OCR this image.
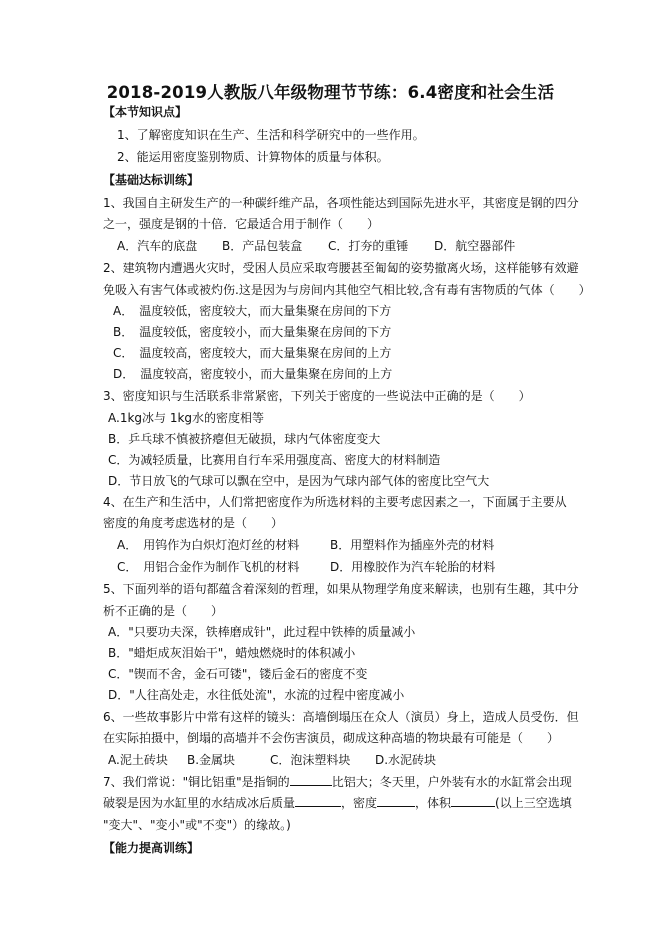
2018-2019人教版八年级物理节节练：6.4密度和社会生活
【本节知识点】
1、了解密度知识在生产、生活和科学研究中的一些作用。
2、能运用密度鉴别物质、计算物体的质量与体积。
【基础达标训练】
1、我国自主研发生产的一种碳纤维产品，各项性能达到国际先进水平，其密度是钢的四分
之一，强度是钢的十倍．它最适合用于制作（　　）
A．汽车的底盘 B．产品包装盒 C．打夯的重锤 D．航空器部件
2、建筑物内遭遇火灾时，受困人员应采取弯腰甚至匍匐的姿势撤离火场，这样能够有效避
免吸入有害气体或被灼伤.这是因为与房间内其他空气相比较,含有毒有害物质的气体（　　）
A．　温度较低，密度较大，而大量集聚在房间的下方
B．　温度较低，密度较小，而大量集聚在房间的下方
C．　温度较高，密度较大，而大量集聚在房间的上方
D．　温度较高，密度较小，而大量集聚在房间的上方
3、密度知识与生活联系非常紧密，下列关于密度的一些说法中正确的是（　　）
A.1kg冰与 1kg水的密度相等
B．乒乓球不慎被挤瘪但无破损，球内气体密度变大
C．为减轻质量，比赛用自行车采用强度高、密度大的材料制造
D．节日放飞的气球可以飘在空中，是因为气球内部气体的密度比空气大
4、在生产和生活中，人们常把密度作为所选材料的主要考虑因素之一，下面属于主要从
密度的角度考虑选材的是（　　）
A．　用钨作为白炽灯泡灯丝的材料	B．用塑料作为插座外壳的材料
C．　用铝合金作为制作飞机的材料	D．用橡胶作为汽车轮胎的材料
5、下面列举的语句都蕴含着深刻的哲理，如果从物理学角度来解读，也别有生趣，其中分
析不正确的是（　　）
A．"只要功夫深，铁棒磨成针"，此过程中铁棒的质量减小
B．"蜡炬成灰泪始干"，蜡烛燃烧时的体积减小
C．"锲而不舍，金石可镂"，镂后金石的密度不变
D．"人往高处走，水往低处流"，水流的过程中密度减小
6、一些故事影片中常有这样的镜头：高墙倒塌压在众人（演员）身上，造成人员受伤．但
在实际拍摄中，倒塌的高墙并不会伤害演员，砌成这种高墙的物块最有可能是（　　）
A.泥土砖块 B.金属块	C．泡沫塑料块 D.水泥砖块
7、我们常说："铜比铝重"是指铜的	比铝大；冬天里，户外装有水的水缸常会出现
破裂是因为水缸里的水结成冰后质量	，密度	，体积	(以上三空选填
"变大"、"变小"或"不变"）的缘故。)
【能力提高训练】
